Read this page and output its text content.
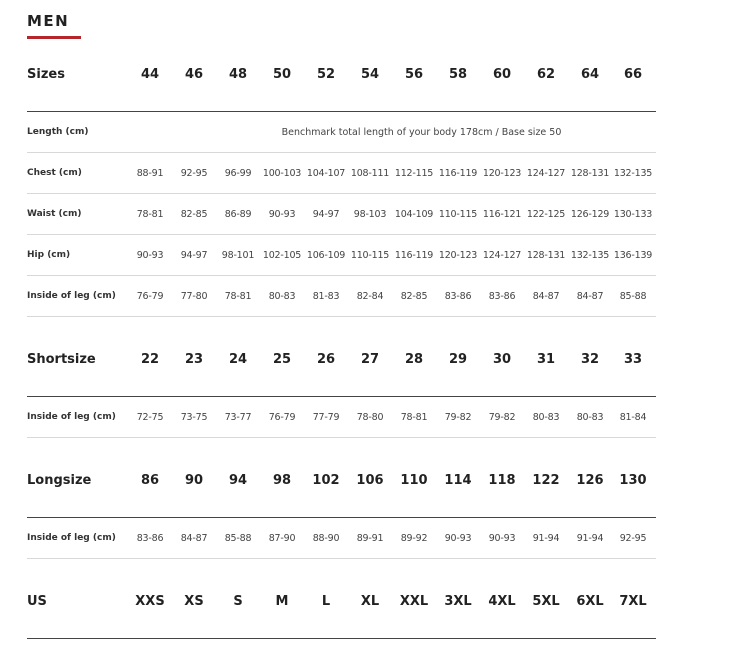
MEN
Sizes	44	46	48	50	52	54	56	58	60	62	64	66
Length (cm)	Benchmark total length of your body 178cm / Base size 50
Chest (cm)	88-91	92-95	96-99	100-103 104-107 108-111 112-115 116-119 120-123 124-127 128-131 132-135
Waist (cm)	78-81	82-85	86-89	90-93	94-97	98-103 104-109 110-115 116-121 122-125 126-129 130-133
Hip (cm)	90-93	94-97	98-101 102-105 106-109 110-115 116-119 120-123 124-127 128-131 132-135 136-139
Inside of leg (cm)	76-79	77-80	78-81	80-83	81-83	82-84	82-85	83-86	83-86	84-87	84-87	85-88
Shortsize	22	23	24	25	26	27	28	29	30	31	32	33
Inside of leg (cm)	72-75	73-75	73-77	76-79	77-79	78-80	78-81	79-82	79-82	80-83	80-83	81-84
Longsize	86	90	94	98	102	106	110	114	118	122	126	130
Inside of leg (cm)	83-86	84-87	85-88	87-90	88-90	89-91	89-92	90-93	90-93	91-94	91-94	92-95
US	XXS	XS	S	M	L	XL	XXL	3XL	4XL	5XL	6XL	7XL
